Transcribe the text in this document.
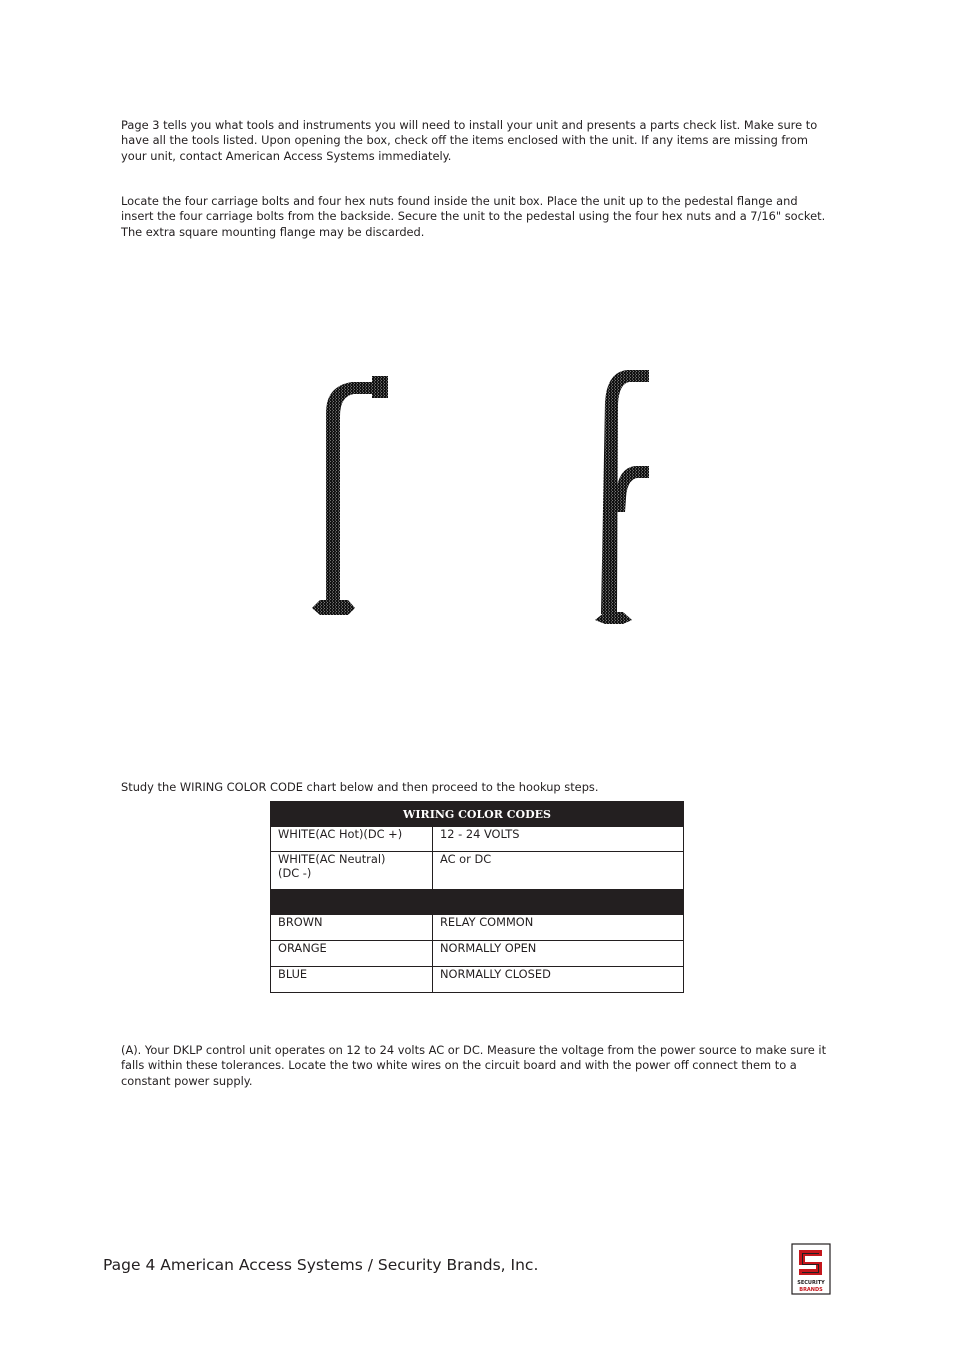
Page 3 tells you what tools and instruments you will need to install your unit and presents a parts check list. Make sure to have all the tools listed. Upon opening the box, check off the items enclosed with the unit. If any items are missing from your unit, contact American Access Systems immediately.

Locate the four carriage bolts and four hex nuts found inside the unit box. Place the unit up to the pedestal flange and insert the four carriage bolts from the backside. Secure the unit to the pedestal using the four hex nuts and a 7/16" socket. The extra square mounting flange may be discarded.

Study the WIRING COLOR CODE chart below and then proceed to the hookup steps.

WIRING COLOR CODES	
WHITE(AC Hot)(DC +)	12 - 24 VOLTS
WHITE(AC Neutral)
(DC -)	AC or DC

BROWN	RELAY COMMON
ORANGE	NORMALLY OPEN
BLUE	NORMALLY CLOSED

(A). Your DKLP control unit operates on 12 to 24 volts AC or DC. Measure the voltage from the power source to make sure it falls within these tolerances. Locate the two white wires on the circuit board and with the power off connect them to a constant power supply.

Page 4 American Access Systems / Security Brands, Inc.

SECURITY
BRANDS
